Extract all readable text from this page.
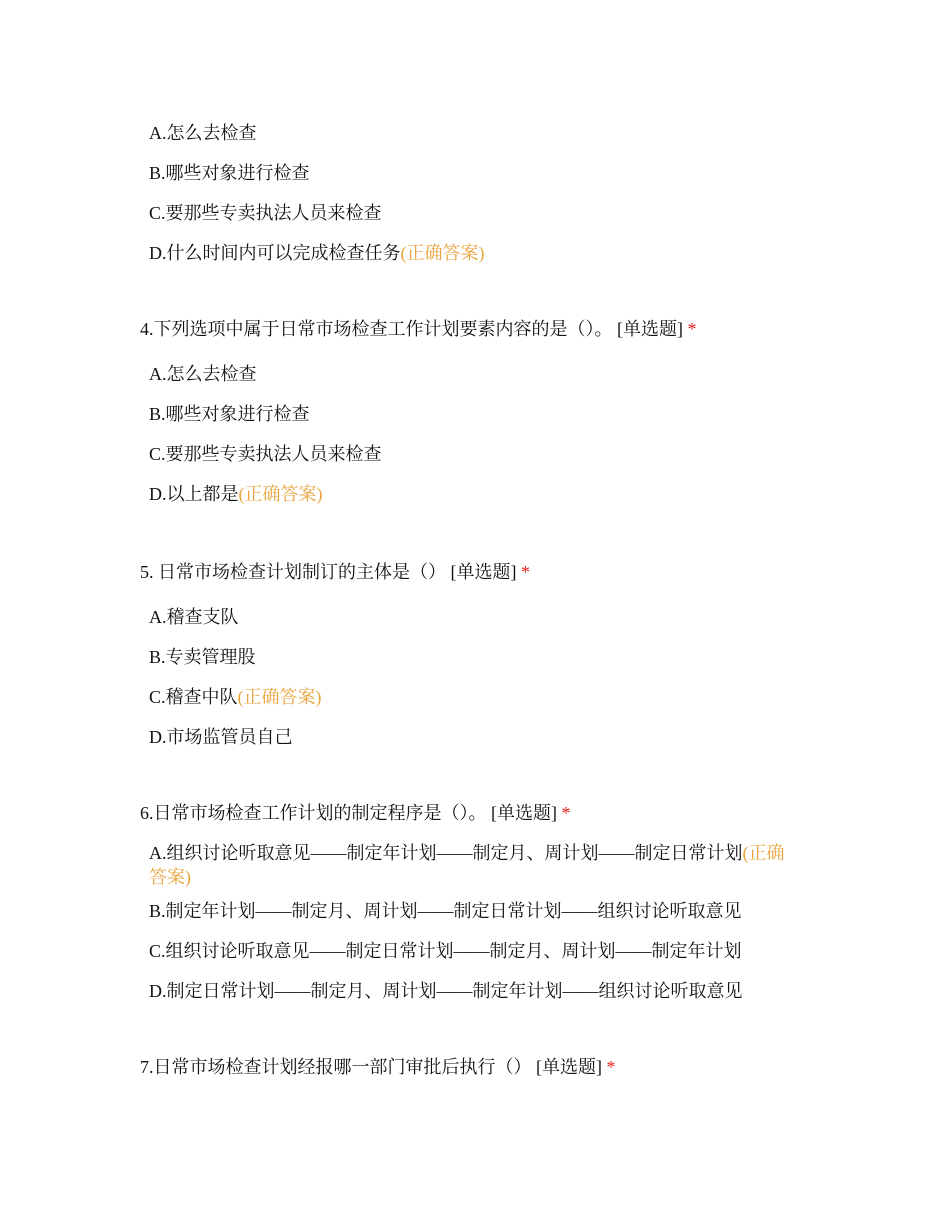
A.怎么去检查
B.哪些对象进行检查
C.要那些专卖执法人员来检查
D.什么时间内可以完成检查任务(正确答案)
4.下列选项中属于日常市场检查工作计划要素内容的是（）。 [单选题] *
A.怎么去检查
B.哪些对象进行检查
C.要那些专卖执法人员来检查
D.以上都是(正确答案)
5. 日常市场检查计划制订的主体是（） [单选题] *
A.稽查支队
B.专卖管理股
C.稽查中队(正确答案)
D.市场监管员自己
6.日常市场检查工作计划的制定程序是（）。 [单选题] *
A.组织讨论听取意见——制定年计划——制定月、周计划——制定日常计划(正确答案)
B.制定年计划——制定月、周计划——制定日常计划——组织讨论听取意见
C.组织讨论听取意见——制定日常计划——制定月、周计划——制定年计划
D.制定日常计划——制定月、周计划——制定年计划——组织讨论听取意见
7.日常市场检查计划经报哪一部门审批后执行（） [单选题] *
